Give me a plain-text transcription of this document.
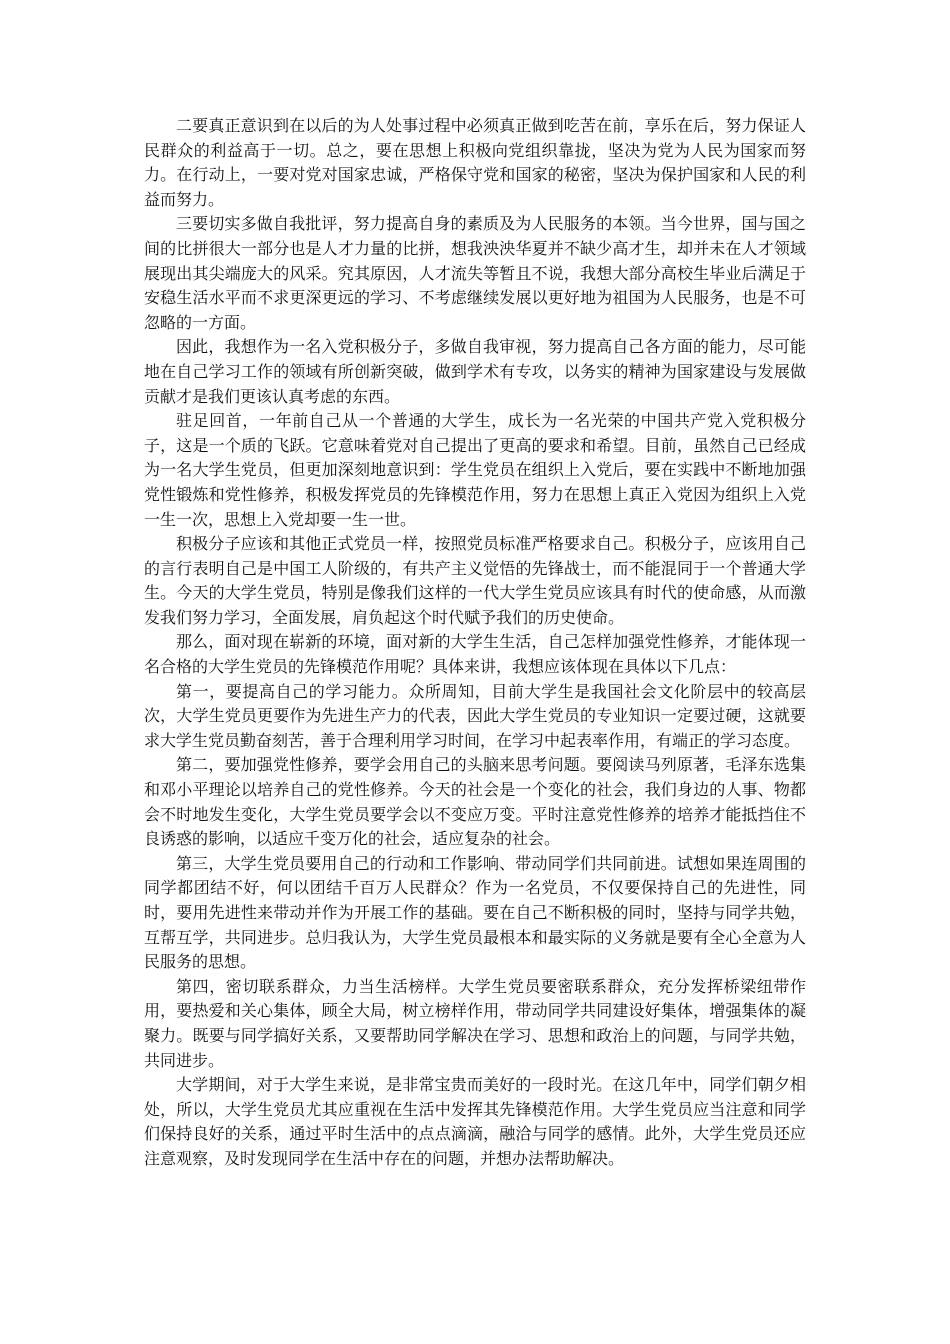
二要真正意识到在以后的为人处事过程中必须真正做到吃苦在前，享乐在后，努力保证人民群众的利益高于一切。总之，要在思想上积极向党组织靠拢，坚决为党为人民为国家而努力。在行动上，一要对党对国家忠诚，严格保守党和国家的秘密，坚决为保护国家和人民的利益而努力。

三要切实多做自我批评，努力提高自身的素质及为人民服务的本领。当今世界，国与国之间的比拼很大一部分也是人才力量的比拼，想我泱泱华夏并不缺少高才生，却并未在人才领域展现出其尖端庞大的风采。究其原因，人才流失等暂且不说，我想大部分高校生毕业后满足于安稳生活水平而不求更深更远的学习、不考虑继续发展以更好地为祖国为人民服务，也是不可忽略的一方面。

因此，我想作为一名入党积极分子，多做自我审视，努力提高自己各方面的能力，尽可能地在自己学习工作的领域有所创新突破，做到学术有专攻，以务实的精神为国家建设与发展做贡献才是我们更该认真考虑的东西。

驻足回首，一年前自己从一个普通的大学生，成长为一名光荣的中国共产党入党积极分子，这是一个质的飞跃。它意味着党对自己提出了更高的要求和希望。目前，虽然自己已经成为一名大学生党员，但更加深刻地意识到：学生党员在组织上入党后，要在实践中不断地加强党性锻炼和党性修养，积极发挥党员的先锋模范作用，努力在思想上真正入党因为组织上入党一生一次，思想上入党却要一生一世。

积极分子应该和其他正式党员一样，按照党员标准严格要求自己。积极分子，应该用自己的言行表明自己是中国工人阶级的，有共产主义觉悟的先锋战士，而不能混同于一个普通大学生。今天的大学生党员，特别是像我们这样的一代大学生党员应该具有时代的使命感，从而激发我们努力学习，全面发展，肩负起这个时代赋予我们的历史使命。

那么，面对现在崭新的环境，面对新的大学生生活，自己怎样加强党性修养，才能体现一名合格的大学生党员的先锋模范作用呢？具体来讲，我想应该体现在具体以下几点：

第一，要提高自己的学习能力。众所周知，目前大学生是我国社会文化阶层中的较高层次，大学生党员更要作为先进生产力的代表，因此大学生党员的专业知识一定要过硬，这就要求大学生党员勤奋刻苦，善于合理利用学习时间，在学习中起表率作用，有端正的学习态度。

第二，要加强党性修养，要学会用自己的头脑来思考问题。要阅读马列原著，毛泽东选集和邓小平理论以培养自己的党性修养。今天的社会是一个变化的社会，我们身边的人事、物都会不时地发生变化，大学生党员要学会以不变应万变。平时注意党性修养的培养才能抵挡住不良诱惑的影响，以适应千变万化的社会，适应复杂的社会。

第三，大学生党员要用自己的行动和工作影响、带动同学们共同前进。试想如果连周围的同学都团结不好，何以团结千百万人民群众？作为一名党员，不仅要保持自己的先进性，同时，要用先进性来带动并作为开展工作的基础。要在自己不断积极的同时，坚持与同学共勉，互帮互学，共同进步。总归我认为，大学生党员最根本和最实际的义务就是要有全心全意为人民服务的思想。

第四，密切联系群众，力当生活榜样。大学生党员要密联系群众，充分发挥桥梁纽带作用，要热爱和关心集体，顾全大局，树立榜样作用，带动同学共同建设好集体，增强集体的凝聚力。既要与同学搞好关系，又要帮助同学解决在学习、思想和政治上的问题，与同学共勉，共同进步。

大学期间，对于大学生来说，是非常宝贵而美好的一段时光。在这几年中，同学们朝夕相处，所以，大学生党员尤其应重视在生活中发挥其先锋模范作用。大学生党员应当注意和同学们保持良好的关系，通过平时生活中的点点滴滴，融洽与同学的感情。此外，大学生党员还应注意观察，及时发现同学在生活中存在的问题，并想办法帮助解决。
